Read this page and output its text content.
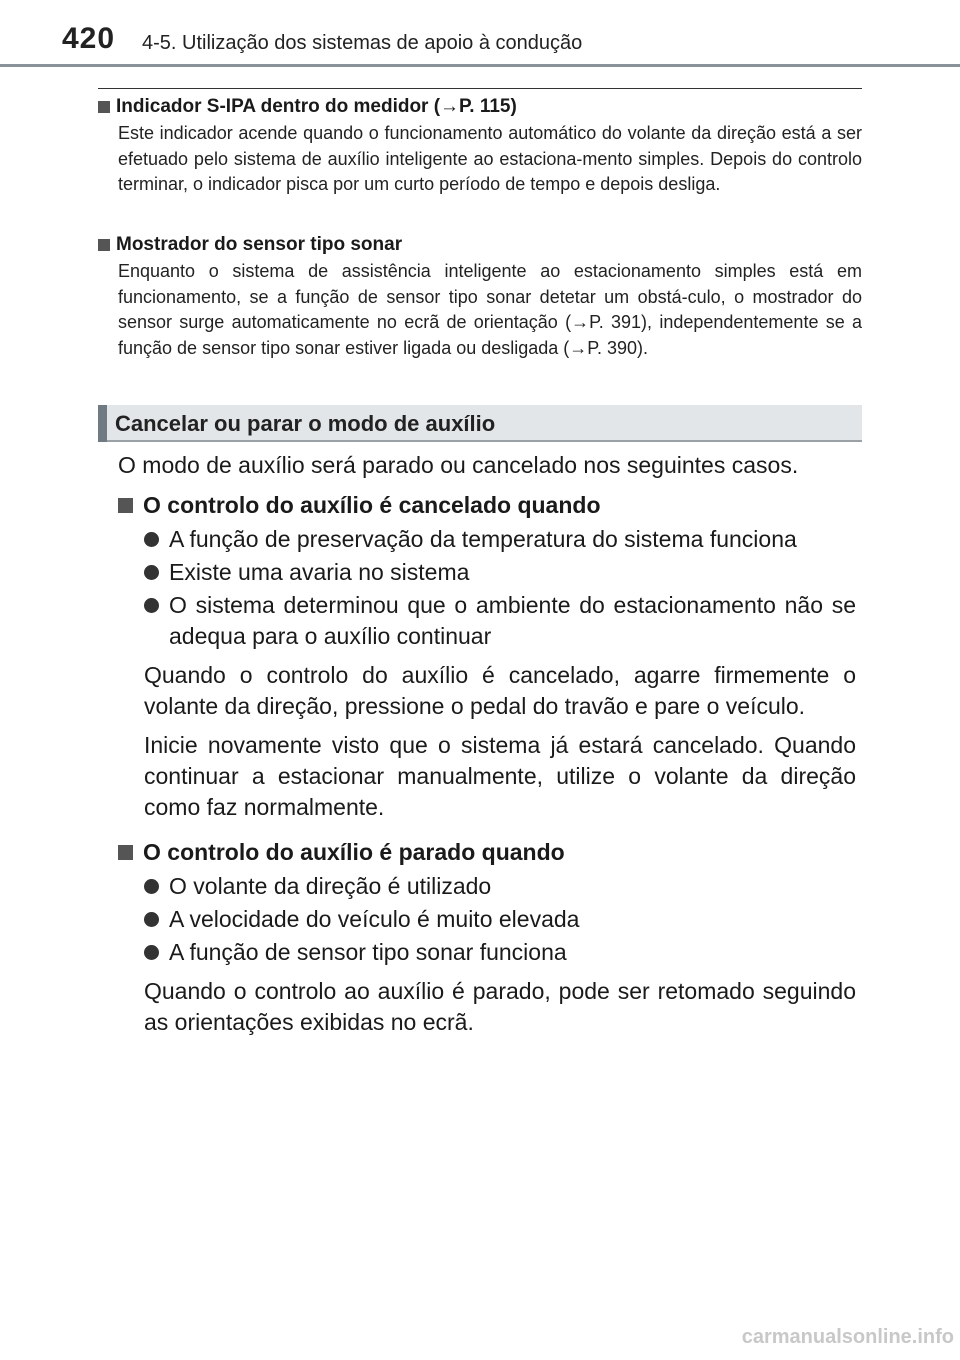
420 4-5. Utilização dos sistemas de apoio à condução
Indicador S-IPA dentro do medidor (→P. 115)
Este indicador acende quando o funcionamento automático do volante da direção está a ser efetuado pelo sistema de auxílio inteligente ao estaciona-mento simples. Depois do controlo terminar, o indicador pisca por um curto período de tempo e depois desliga.
Mostrador do sensor tipo sonar
Enquanto o sistema de assistência inteligente ao estacionamento simples está em funcionamento, se a função de sensor tipo sonar detetar um obstá-culo, o mostrador do sensor surge automaticamente no ecrã de orientação (→P. 391), independentemente se a função de sensor tipo sonar estiver ligada ou desligada (→P. 390).
Cancelar ou parar o modo de auxílio

O modo de auxílio será parado ou cancelado nos seguintes casos.

O controlo do auxílio é cancelado quando
A função de preservação da temperatura do sistema funciona
Existe uma avaria no sistema
O sistema determinou que o ambiente do estacionamento não se adequa para o auxílio continuar

Quando o controlo do auxílio é cancelado, agarre firmemente o volante da direção, pressione o pedal do travão e pare o veículo.

Inicie novamente visto que o sistema já estará cancelado. Quando continuar a estacionar manualmente, utilize o volante da direção como faz normalmente.

O controlo do auxílio é parado quando
O volante da direção é utilizado
A velocidade do veículo é muito elevada
A função de sensor tipo sonar funciona

Quando o controlo ao auxílio é parado, pode ser retomado seguindo as orientações exibidas no ecrã.

carmanualsonline.info
